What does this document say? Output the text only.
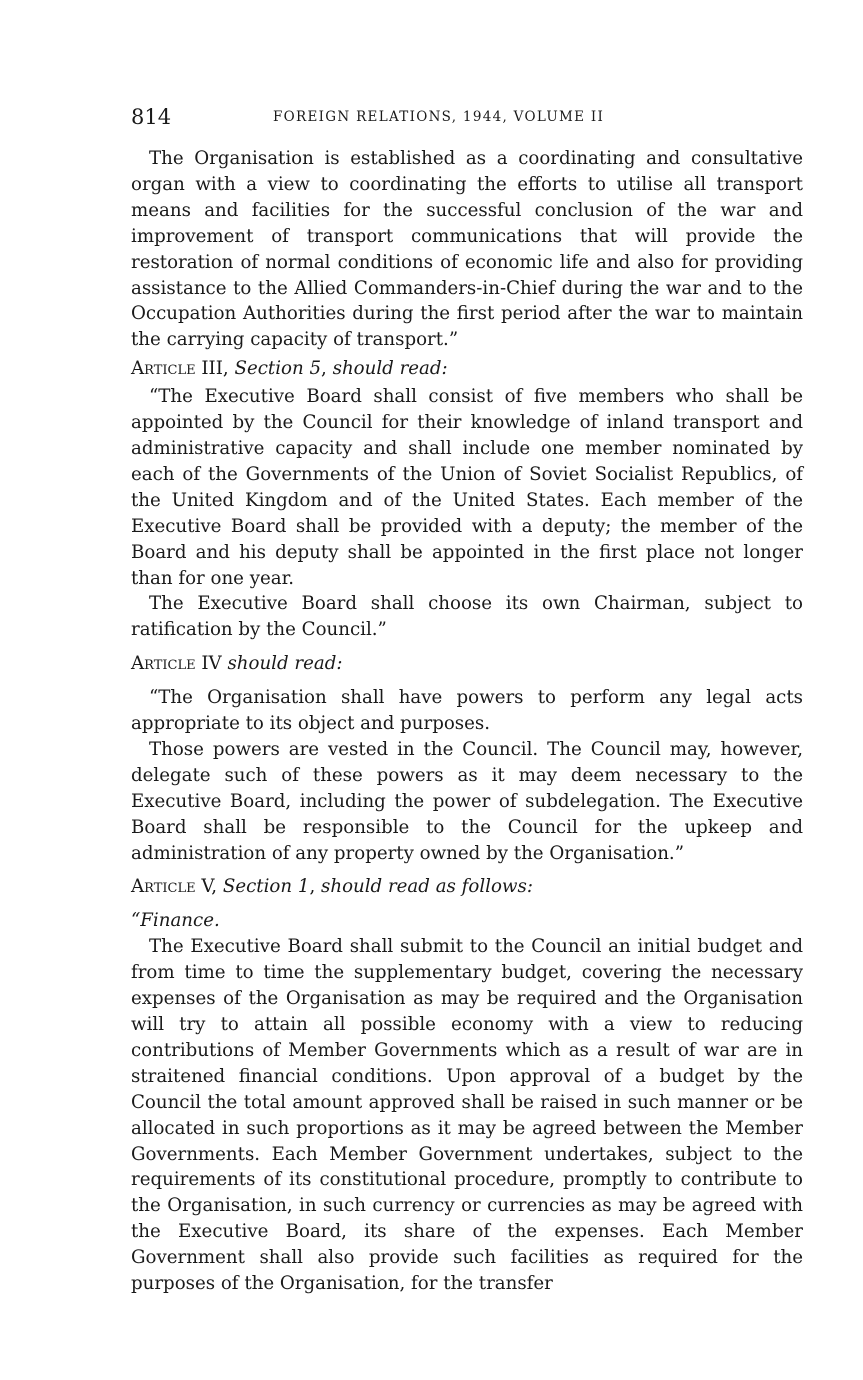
814	FOREIGN RELATIONS, 1944, VOLUME II

The Organisation is established as a coordinating and consultative organ with a view to coordinating the efforts to utilise all transport means and facilities for the successful conclusion of the war and improvement of transport communications that will provide the restoration of normal conditions of economic life and also for providing assistance to the Allied Commanders-in-Chief during the war and to the Occupation Authorities during the first period after the war to maintain the carrying capacity of transport.”

Article III, Section 5, should read:

“The Executive Board shall consist of five members who shall be appointed by the Council for their knowledge of inland transport and administrative capacity and shall include one member nominated by each of the Governments of the Union of Soviet Socialist Republics, of the United Kingdom and of the United States. Each member of the Executive Board shall be provided with a deputy; the member of the Board and his deputy shall be appointed in the first place not longer than for one year.

The Executive Board shall choose its own Chairman, subject to ratification by the Council.”

Article IV should read:

“The Organisation shall have powers to perform any legal acts appropriate to its object and purposes.

Those powers are vested in the Council. The Council may, however, delegate such of these powers as it may deem necessary to the Executive Board, including the power of subdelegation. The Executive Board shall be responsible to the Council for the upkeep and administration of any property owned by the Organisation.”

Article V, Section 1, should read as follows:

“Finance.

The Executive Board shall submit to the Council an initial budget and from time to time the supplementary budget, covering the necessary expenses of the Organisation as may be required and the Organisation will try to attain all possible economy with a view to reducing contributions of Member Governments which as a result of war are in straitened financial conditions. Upon approval of a budget by the Council the total amount approved shall be raised in such manner or be allocated in such proportions as it may be agreed between the Member Governments. Each Member Government undertakes, subject to the requirements of its constitutional procedure, promptly to contribute to the Organisation, in such currency or currencies as may be agreed with the Executive Board, its share of the expenses. Each Member Government shall also provide such facilities as required for the purposes of the Organisation, for the transfer
